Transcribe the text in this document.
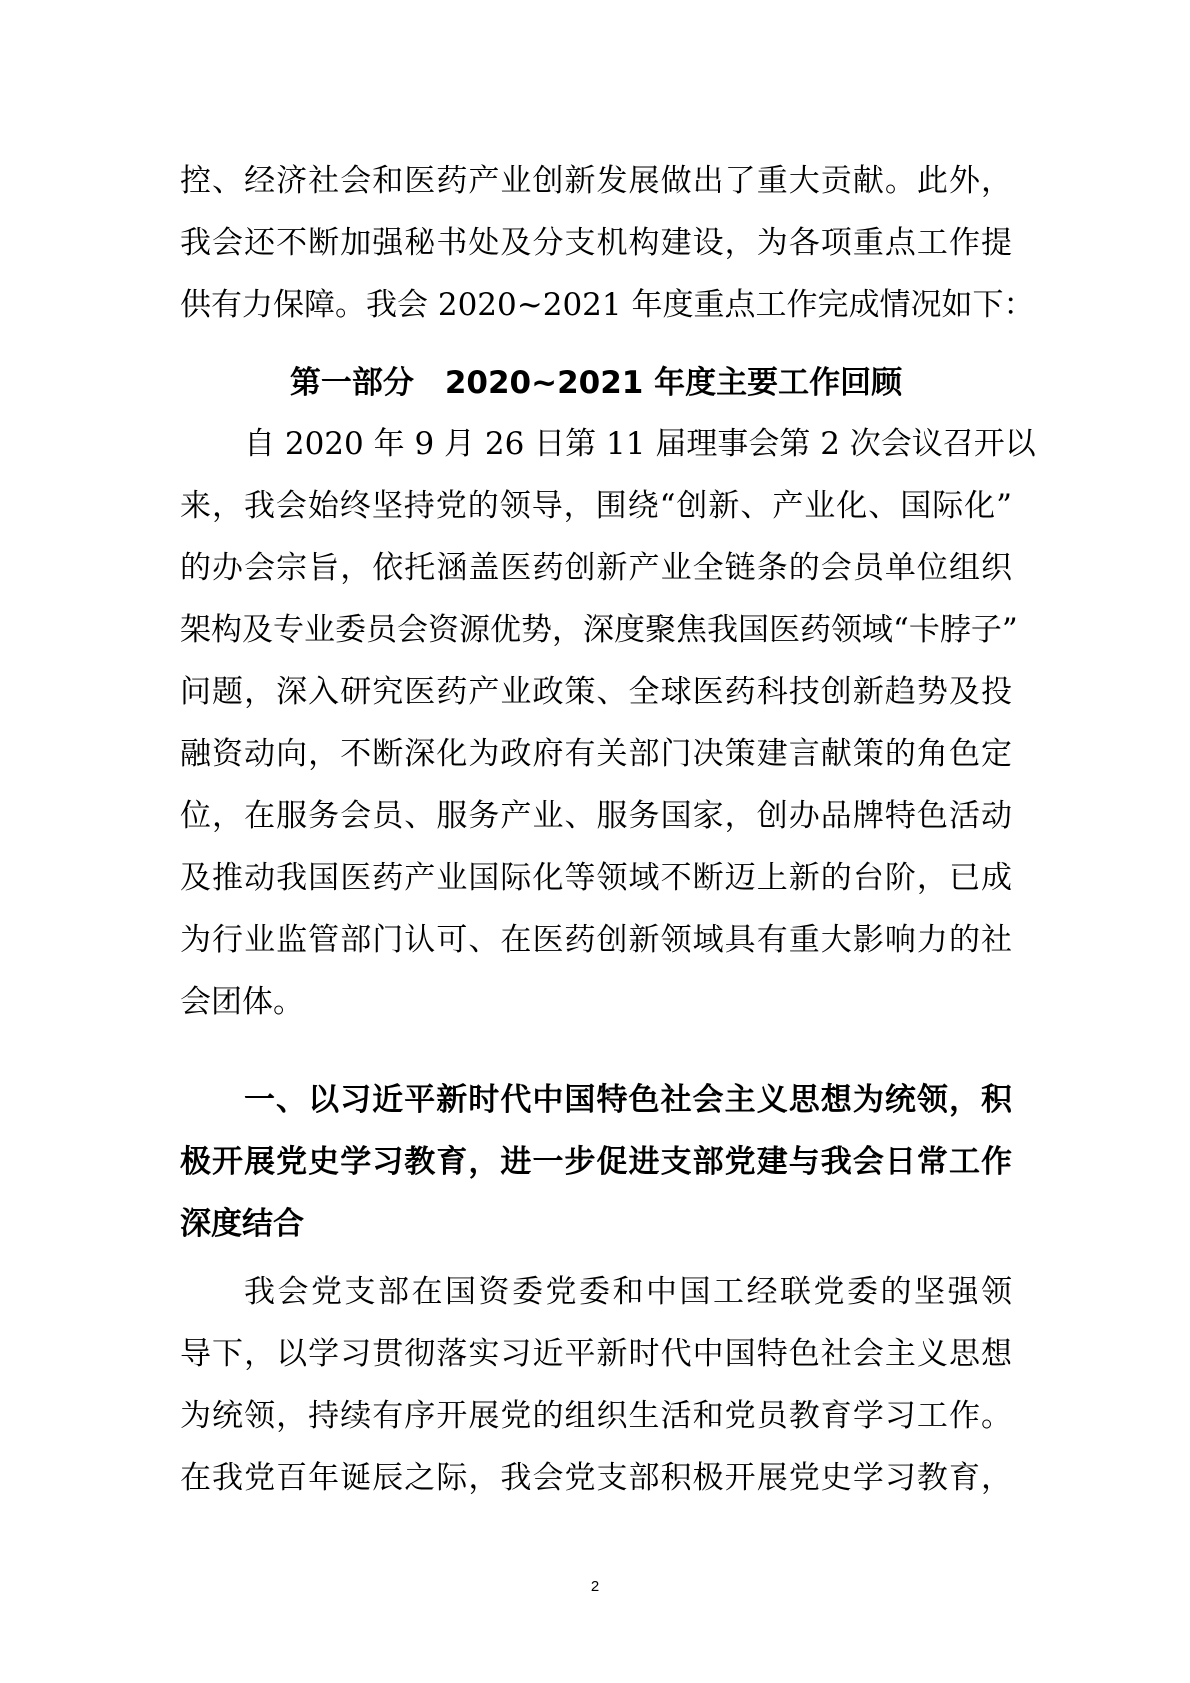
控、经济社会和医药产业创新发展做出了重大贡献。此外，
我会还不断加强秘书处及分支机构建设，为各项重点工作提
供有力保障。我会 2020~2021 年度重点工作完成情况如下：
第一部分　2020~2021 年度主要工作回顾
自 2020 年 9 月 26 日第 11 届理事会第 2 次会议召开以
来，我会始终坚持党的领导，围绕“创新、产业化、国际化”
的办会宗旨，依托涵盖医药创新产业全链条的会员单位组织
架构及专业委员会资源优势，深度聚焦我国医药领域“卡脖子”
问题，深入研究医药产业政策、全球医药科技创新趋势及投
融资动向，不断深化为政府有关部门决策建言献策的角色定
位，在服务会员、服务产业、服务国家，创办品牌特色活动
及推动我国医药产业国际化等领域不断迈上新的台阶，已成
为行业监管部门认可、在医药创新领域具有重大影响力的社
会团体。
一、以习近平新时代中国特色社会主义思想为统领，积
极开展党史学习教育，进一步促进支部党建与我会日常工作
深度结合
我会党支部在国资委党委和中国工经联党委的坚强领
导下，以学习贯彻落实习近平新时代中国特色社会主义思想
为统领，持续有序开展党的组织生活和党员教育学习工作。
在我党百年诞辰之际，我会党支部积极开展党史学习教育，
2
